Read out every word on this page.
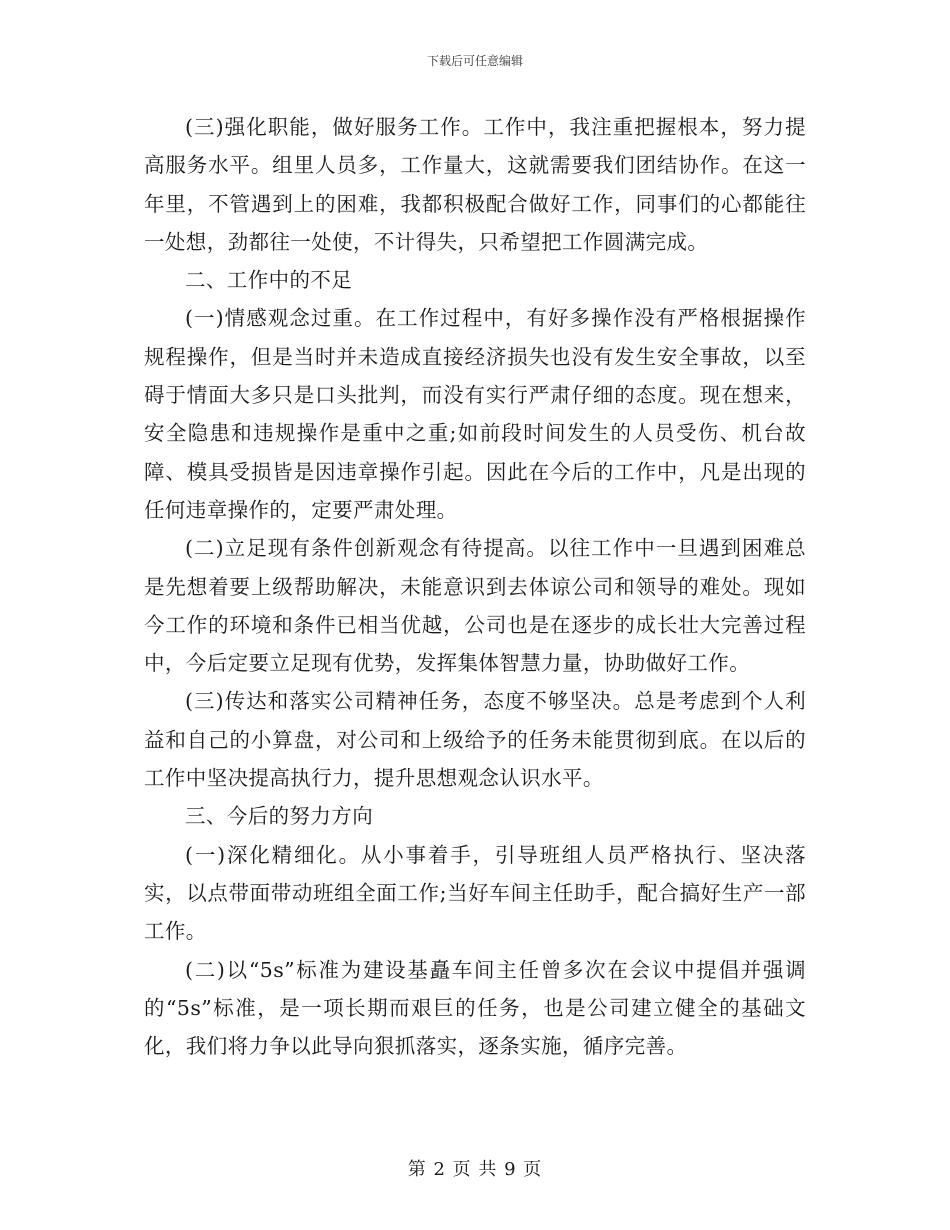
下载后可任意编辑

(三)强化职能，做好服务工作。工作中，我注重把握根本，努力提高服务水平。组里人员多，工作量大，这就需要我们团结协作。在这一年里，不管遇到上的困难，我都积极配合做好工作，同事们的心都能往一处想，劲都往一处使，不计得失，只希望把工作圆满完成。

二、工作中的不足

(一)情感观念过重。在工作过程中，有好多操作没有严格根据操作规程操作，但是当时并未造成直接经济损失也没有发生安全事故，以至碍于情面大多只是口头批判，而没有实行严肃仔细的态度。现在想来，安全隐患和违规操作是重中之重;如前段时间发生的人员受伤、机台故障、模具受损皆是因违章操作引起。因此在今后的工作中，凡是出现的任何违章操作的，定要严肃处理。

(二)立足现有条件创新观念有待提高。以往工作中一旦遇到困难总是先想着要上级帮助解决，未能意识到去体谅公司和领导的难处。现如今工作的环境和条件已相当优越，公司也是在逐步的成长壮大完善过程中，今后定要立足现有优势，发挥集体智慧力量，协助做好工作。

(三)传达和落实公司精神任务，态度不够坚决。总是考虑到个人利益和自己的小算盘，对公司和上级给予的任务未能贯彻到底。在以后的工作中坚决提高执行力，提升思想观念认识水平。

三、今后的努力方向

(一)深化精细化。从小事着手，引导班组人员严格执行、坚决落实，以点带面带动班组全面工作;当好车间主任助手，配合搞好生产一部工作。

(二)以“5s”标准为建设基矗车间主任曾多次在会议中提倡并强调的“5s”标准，是一项长期而艰巨的任务，也是公司建立健全的基础文化，我们将力争以此导向狠抓落实，逐条实施，循序完善。

第 2 页 共 9 页
